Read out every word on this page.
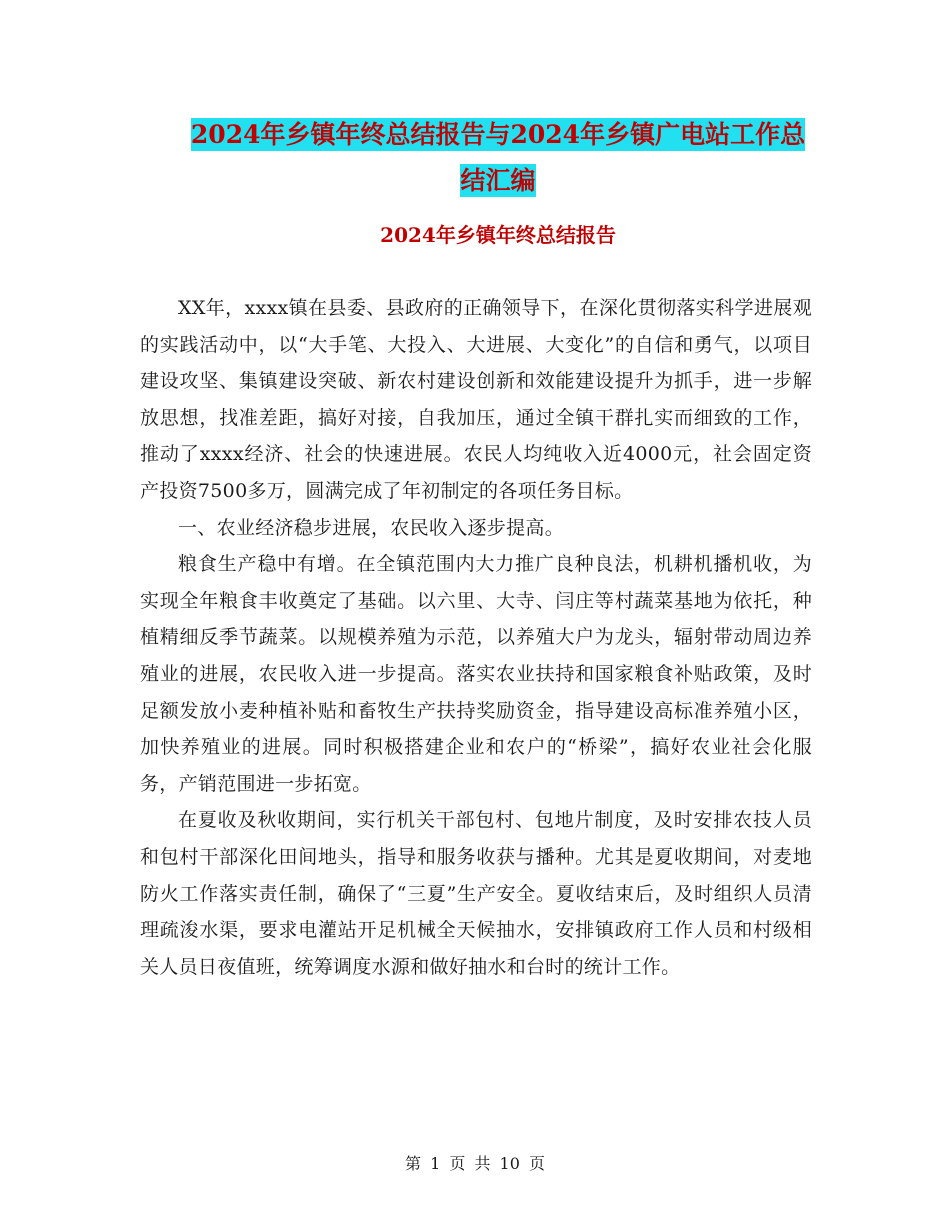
2024年乡镇年终总结报告与2024年乡镇广电站工作总
结汇编
2024年乡镇年终总结报告

XX年，xxxx镇在县委、县政府的正确领导下，在深化贯彻落实科学进展观的实践活动中，以“大手笔、大投入、大进展、大变化”的自信和勇气，以项目建设攻坚、集镇建设突破、新农村建设创新和效能建设提升为抓手，进一步解放思想，找准差距，搞好对接，自我加压，通过全镇干群扎实而细致的工作，推动了xxxx经济、社会的快速进展。农民人均纯收入近4000元，社会固定资产投资7500多万，圆满完成了年初制定的各项任务目标。

一、农业经济稳步进展，农民收入逐步提高。

粮食生产稳中有增。在全镇范围内大力推广良种良法，机耕机播机收，为实现全年粮食丰收奠定了基础。以六里、大寺、闫庄等村蔬菜基地为依托，种植精细反季节蔬菜。以规模养殖为示范，以养殖大户为龙头，辐射带动周边养殖业的进展，农民收入进一步提高。落实农业扶持和国家粮食补贴政策，及时足额发放小麦种植补贴和畜牧生产扶持奖励资金，指导建设高标准养殖小区，加快养殖业的进展。同时积极搭建企业和农户的“桥梁”，搞好农业社会化服务，产销范围进一步拓宽。

在夏收及秋收期间，实行机关干部包村、包地片制度，及时安排农技人员和包村干部深化田间地头，指导和服务收获与播种。尤其是夏收期间，对麦地防火工作落实责任制，确保了“三夏”生产安全。夏收结束后，及时组织人员清理疏浚水渠，要求电灌站开足机械全天候抽水，安排镇政府工作人员和村级相关人员日夜值班，统筹调度水源和做好抽水和台时的统计工作。

第 1 页 共 10 页
